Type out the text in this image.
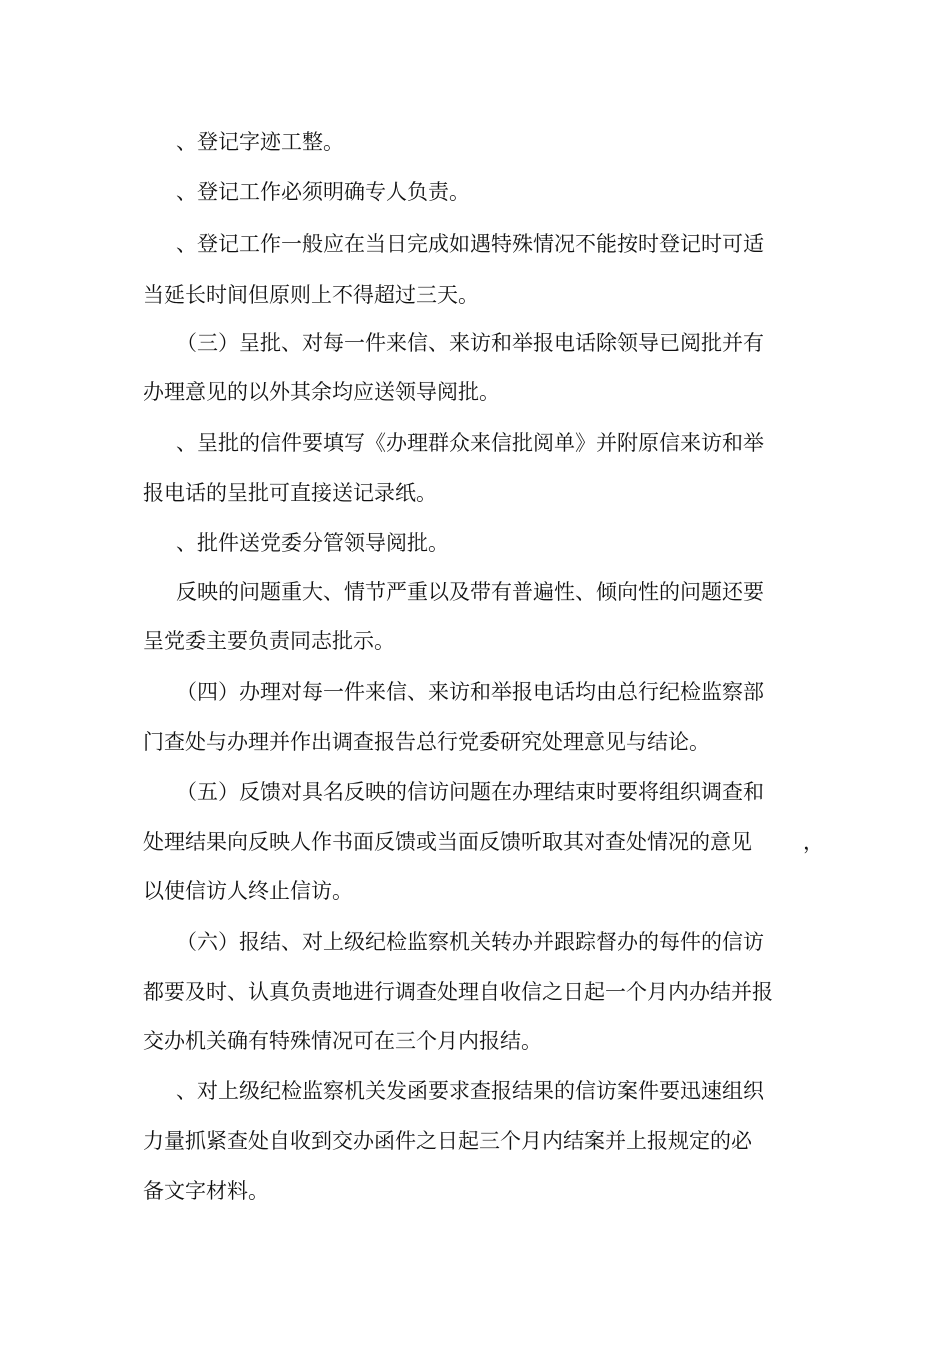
、登记字迹工整。
、登记工作必须明确专人负责。
、登记工作一般应在当日完成如遇特殊情况不能按时登记时可适
当延长时间但原则上不得超过三天。
（三）呈批、对每一件来信、来访和举报电话除领导已阅批并有
办理意见的以外其余均应送领导阅批。
、呈批的信件要填写《办理群众来信批阅单》并附原信来访和举
报电话的呈批可直接送记录纸。
、批件送党委分管领导阅批。
反映的问题重大、情节严重以及带有普遍性、倾向性的问题还要
呈党委主要负责同志批示。
（四）办理对每一件来信、来访和举报电话均由总行纪检监察部
门查处与办理并作出调查报告总行党委研究处理意见与结论。
（五）反馈对具名反映的信访问题在办理结束时要将组织调查和
处理结果向反映人作书面反馈或当面反馈听取其对查处情况的意见 ，
以使信访人终止信访。
（六）报结、对上级纪检监察机关转办并跟踪督办的每件的信访
都要及时、认真负责地进行调查处理自收信之日起一个月内办结并报
交办机关确有特殊情况可在三个月内报结。
、对上级纪检监察机关发函要求查报结果的信访案件要迅速组织
力量抓紧查处自收到交办函件之日起三个月内结案并上报规定的必
备文字材料。
